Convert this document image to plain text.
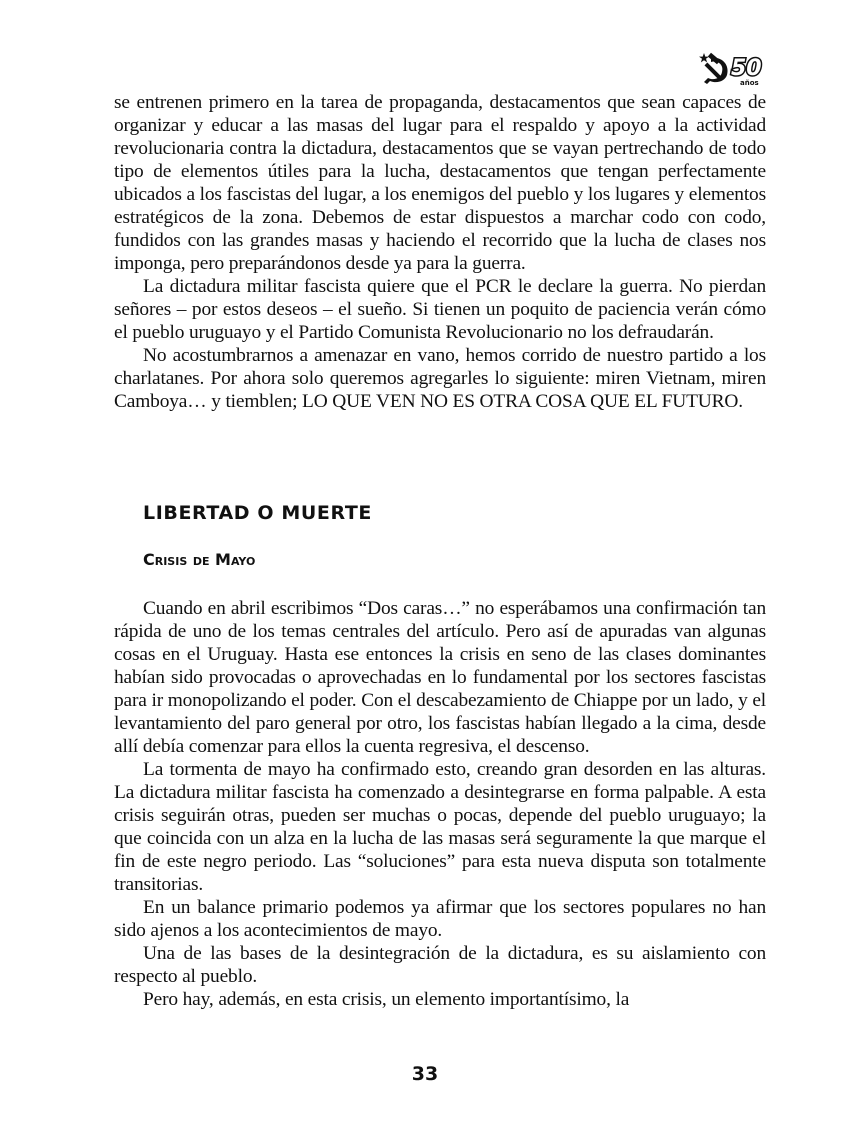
50
años

se entrenen primero en la tarea de propaganda, destacamentos que sean capaces de organizar y educar a las masas del lugar para el respaldo y apoyo a la actividad revolucionaria contra la dictadura, destacamentos que se vayan pertrechando de todo tipo de elementos útiles para la lucha, destacamentos que tengan perfectamente ubicados a los fascistas del lugar, a los enemigos del pueblo y los lugares y elementos estratégicos de la zona. Debemos de estar dispuestos a marchar codo con codo, fundidos con las grandes masas y haciendo el recorrido que la lucha de clases nos imponga, pero preparándonos desde ya para la guerra.

La dictadura militar fascista quiere que el PCR le declare la guerra. No pierdan señores – por estos deseos – el sueño. Si tienen un poquito de paciencia verán cómo el pueblo uruguayo y el Partido Comunista Revolucionario no los defraudarán.

No acostumbrarnos a amenazar en vano, hemos corrido de nuestro partido a los charlatanes. Por ahora solo queremos agregarles lo siguiente: miren Vietnam, miren Camboya… y tiemblen; LO QUE VEN NO ES OTRA COSA QUE EL FUTURO.

LIBERTAD O MUERTE
Crisis de Mayo

Cuando en abril escribimos “Dos caras…” no esperábamos una confirmación tan rápida de uno de los temas centrales del artículo. Pero así de apuradas van algunas cosas en el Uruguay. Hasta ese entonces la crisis en seno de las clases dominantes habían sido provocadas o aprovechadas en lo fundamental por los sectores fascistas para ir monopolizando el poder. Con el descabezamiento de Chiappe por un lado, y el levantamiento del paro general por otro, los fascistas habían llegado a la cima, desde allí debía comenzar para ellos la cuenta regresiva, el descenso.

La tormenta de mayo ha confirmado esto, creando gran desorden en las alturas. La dictadura militar fascista ha comenzado a desintegrarse en forma palpable. A esta crisis seguirán otras, pueden ser muchas o pocas, depende del pueblo uruguayo; la que coincida con un alza en la lucha de las masas será seguramente la que marque el fin de este negro periodo. Las “soluciones” para esta nueva disputa son totalmente transitorias.

En un balance primario podemos ya afirmar que los sectores populares no han sido ajenos a los acontecimientos de mayo.

Una de las bases de la desintegración de la dictadura, es su aislamiento con respecto al pueblo.

Pero hay, además, en esta crisis, un elemento importantísimo, la

33
